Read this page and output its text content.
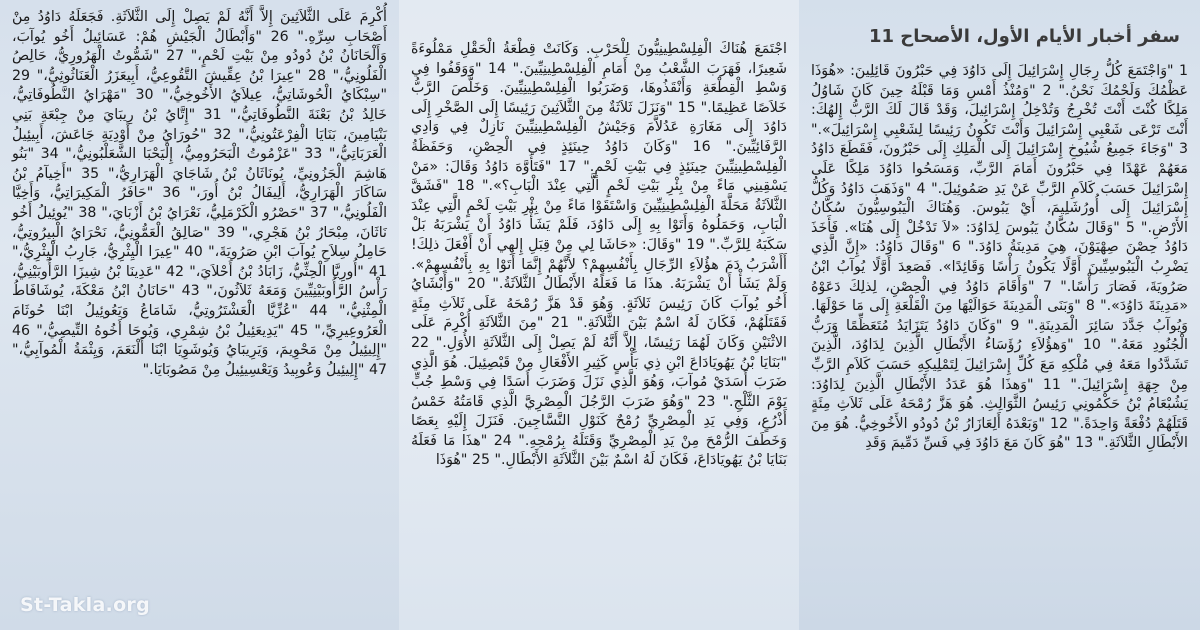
أُكْرِمَ عَلَى الثَّلاَثِينَ إِلاَّ أَنَّهُ لَمْ يَصِلْ إِلَى الثَّلاَثَةِ. فَجَعَلَهُ دَاوُدُ مِنْ أَصْحَابِ سِرِّهِ." 26 "وَأَبْطَالُ الْجَيْشِ هُمْ: عَسَائِيلُ أَخُو يُوآبَ، وَأَلْحَانَانُ بْنُ دُودُو مِنْ بَيْتِ لَحْمٍ،" 27 "شَمُّوتُ الْهَرُورِيُّ، حَالِصُ الْفَلُونِيُّ،" 28 "عِيرَا بْنُ عِقِّيشَ التَّقُوعِيُّ، أَبِيعَزَرُ الْعَنَاثُوثِيُّ،" 29 "سِبْكَايُ الْحُوشَاتِيُّ، عِيلاَيُ الأَخُوخِيُّ،" 30 "مَهْرَايُ النَّطُوفَاتِيُّ، خَالِدُ بْنُ بَعْنَةَ النَّطُوفَاتِيُّ،" 31 "إِتَّايُ بْنُ رِيبَايَ مِنْ جِبْعَةِ بَنِي بَنْيَامِينَ، بَنَايَا الْفِرْعَتُونِيُّ،" 32 "حُورَايُ مِنْ أَوْدِيَةِ جَاعَشَ، أَبِيئِيلُ الْعَرَبَاتِيُّ،" 33 "عَزْمُوتُ الْبَحَرُومِيُّ، إِلْيَحْبَا الشَّعَلْبُونِيُّ،" 34 "بَنُو هَاشِمَ الْجَزُونِيِّ، يُونَاثَانُ بْنُ شَاجَايَ الْهَرَارِيُّ،" 35 "أَخِيآمُ بْنُ سَاكَارَ الْهَرَارِيُّ، أَلِيفَالُ بْنُ أُورَ،" 36 "حَافَرُ الْمَكِيرَاتِيُّ، وَأَخِيَّا الْفَلُونِيُّ،" 37 "حَصْرُو الْكَرْمَلِيُّ، نَعْرَايُ بْنُ أَزْبَايَ،" 38 "يُوئِيلُ أَخُو نَاثَانَ، مِبْحَارُ بْنُ هَجْرِي،" 39 "صَالِقُ الْعَمُّونِيُّ، نَحْرَايُ الْبِيرُوتِيُّ، حَامِلُ سِلاَحِ يُوآبَ ابْنِ صَرُويَةَ،" 40 "عِيرَا الْيِثْرِيُّ، جَارِبُ الْيِثْرِيُّ،" 41 "أُورِيَّا الْحِثِّيُّ، زَابَادُ بْنُ أَحْلاَيَ،" 42 "عَدِينَا بْنُ شِيزَا الرَّأُوبَيْنِيُّ، رَأْسُ الرَّأُوبَيْنِيِّينَ وَمَعَهُ ثَلاَثُونَ،" 43 "حَانَانُ ابْنُ مَعْكَةَ، يُوشَافَاطُ الْمِثْنِيُّ،" 44 "عُزِّيَّا الْعَشْتَرُوتِيُّ، شَامَاعُ وَيَعُوئِيلُ ابْنَا حُوثَامَ الْعَرُوعِيرِيِّ،" 45 "يَدِيعَئِيلُ بْنُ شِمْرِي، وَيُوحَا أَخُوهُ التِّيصِيُّ،" 46 "إِلِيئِيلُ مِنْ مَحْوِيمَ، وَيَرِيبَايُ وَيُوشَوِيَا ابْنَا أَلْنَعَمَ، وَيِثْمَةُ الْمُوآبِيُّ،" 47 "إِلِيئِيلُ وَعُوبِيدُ وَيَعْسِيئِيلُ مِنْ مَصُوبَايَا."

اجْتَمَعَ هُنَاكَ الْفِلِسْطِينِيُّونَ لِلْحَرْبِ. وَكَانَتْ قِطْعَةُ الْحَقْلِ مَمْلُوءَةً شَعِيرًا، فَهَرَبَ الشَّعْبُ مِنْ أَمَامِ الْفِلِسْطِينِيِّينَ." 14 "وَوَقَفُوا فِي وَسْطِ الْقِطْعَةِ وَأَنْقَذُوهَا، وَضَرَبُوا الْفِلِسْطِينِيِّينَ. وَخَلَّصَ الرَّبُّ خَلاَصًا عَظِيمًا." 15 "وَنَزَلَ ثَلاَثَةٌ مِنَ الثَّلاَثِينَ رَئِيسًا إِلَى الصَّخْرِ إِلَى دَاوُدَ إِلَى مَغَارَةِ عَدُلاَّمَ وَجَيْشُ الْفِلِسْطِينِيِّينَ نَازِلٌ فِي وَادِي الرَّفَائِيِّينَ." 16 "وَكَانَ دَاوُدُ حِينَئِذٍ فِي الْحِصْنِ، وَحَفَظَةُ الْفِلِسْطِينِيِّينَ حِينَئِذٍ فِي بَيْتِ لَحْمٍ." 17 "فَتَأَوَّهَ دَاوُدُ وَقَالَ: «مَنْ يَسْقِينِي مَاءً مِنْ بِئْرِ بَيْتِ لَحْمٍ الَّتِي عِنْدَ الْبَابِ؟»." 18 "فَشَقَّ الثَّلاَثَةُ مَحَلَّةَ الْفِلِسْطِينِيِّينَ وَاسْتَقَوْا مَاءً مِنْ بِئْرِ بَيْتِ لَحْمٍ الَّتِي عِنْدَ الْبَابِ، وَحَمَلُوهُ وَأَتَوْا بِهِ إِلَى دَاوُدَ، فَلَمْ يَشَأْ دَاوُدُ أَنْ يَشْرَبَهُ بَلْ سَكَبَهُ لِلرَّبِّ." 19 "وَقَالَ: «حَاشَا لِي مِنْ قِبَلِ إِلهِي أَنْ أَفْعَلَ ذلِكَ! أَأَشْرَبُ دَمَ هؤُلاَءِ الرِّجَالِ بِأَنْفُسِهِمْ؟ لأَنَّهُمْ إِنَّمَا أَتَوْا بِهِ بِأَنْفُسِهِمْ». وَلَمْ يَشَأْ أَنْ يَشْرَبَهُ. هذَا مَا فَعَلَهُ الأَبْطَالُ الثَّلاَثَةُ." 20 "وَأَبْشَايُ أَخُو يُوآبَ كَانَ رَئِيسَ ثَلاَثَةٍ. وَهُوَ قَدْ هَزَّ رُمْحَهُ عَلَى ثَلاَثِ مِئَةٍ فَقَتَلَهُمْ، فَكَانَ لَهُ اسْمٌ بَيْنَ الثَّلاَثَةِ." 21 "مِنَ الثَّلاَثَةِ أُكْرِمَ عَلَى الاثْنَيْنِ وَكَانَ لَهُمَا رَئِيسًا، إِلاَّ أَنَّهُ لَمْ يَصِلْ إِلَى الثَّلاَثَةِ الأُوَلِ." 22 "بَنَايَا بْنُ يَهُويَادَاعَ ابْنِ ذِي بَأْسٍ كَثِيرِ الأَفْعَالِ مِنْ قَبْصِئِيلَ. هُوَ الَّذِي ضَرَبَ أَسَدَيْ مُوآبَ، وَهُوَ الَّذِي نَزَلَ وَضَرَبَ أَسَدًا فِي وَسْطِ جُبٍّ يَوْمَ الثَّلْجِ." 23 "وَهُوَ ضَرَبَ الرَّجُلَ الْمِصْرِيَّ الَّذِي قَامَتُهُ خَمْسُ أَذْرُعٍ، وَفِي يَدِ الْمِصْرِيِّ رُمْحٌ كَنَوْلِ النَّسَّاجِينَ. فَنَزَلَ إِلَيْهِ بِعَصًا وَخَطَفَ الرُّمْحَ مِنْ يَدِ الْمِصْرِيِّ وَقَتَلَهُ بِرُمْحِهِ." 24 "هذَا مَا فَعَلَهُ بَنَايَا بْنُ يَهُويَادَاعَ، فَكَانَ لَهُ اسْمٌ بَيْنَ الثَّلاَثَةِ الأَبْطَالِ." 25 "هُوَذَا

سفر أخبار الأيام الأول، الأصحاح 11

1 "وَاجْتَمَعَ كُلُّ رِجَالِ إِسْرَائِيلَ إِلَى دَاوُدَ فِي حَبْرُونَ قَائِلِينَ: «هُوَذَا عَظْمُكَ وَلَحْمُكَ نَحْنُ." 2 "وَمُنْذُ أَمْسِ وَمَا قَبْلَهُ حِينَ كَانَ شَاوُلُ مَلِكًا كُنْتَ أَنْتَ تُخْرِجُ وَتُدْخِلُ إِسْرَائِيلَ، وَقَدْ قَالَ لَكَ الرَّبُّ إِلهُكَ: أَنْتَ تَرْعَى شَعْبِي إِسْرَائِيلَ وَأَنْتَ تَكُونُ رَئِيسًا لِشَعْبِي إِسْرَائِيلَ»." 3 "وَجَاءَ جَمِيعُ شُيُوخِ إِسْرَائِيلَ إِلَى الْمَلِكِ إِلَى حَبْرُونَ، فَقَطَعَ دَاوُدُ مَعَهُمْ عَهْدًا فِي حَبْرُونَ أَمَامَ الرَّبِّ، وَمَسَحُوا دَاوُدَ مَلِكًا عَلَى إِسْرَائِيلَ حَسَبَ كَلاَمِ الرَّبِّ عَنْ يَدِ صَمُوئِيلَ." 4 "وَذَهَبَ دَاوُدُ وَكُلُّ إِسْرَائِيلَ إِلَى أُورُشَلِيمَ، أَيْ يَبُوسَ. وَهُنَاكَ الْيَبُوسِيُّونَ سُكَّانُ الأَرْضِ." 5 "وَقَالَ سُكَّانُ يَبُوسَ لِدَاوُدَ: «لاَ تَدْخُلْ إِلَى هُنَا». فَأَخَذَ دَاوُدُ حِصْنَ صِهْيَوْنَ، هِيَ مَدِينَةُ دَاوُدَ." 6 "وَقَالَ دَاوُدُ: «إِنَّ الَّذِي يَضْرِبُ الْيَبُوسِيِّينَ أَوَّلًا يَكُونُ رَأْسًا وَقَائِدًا». فَصَعِدَ أَوَّلًا يُوآبُ ابْنُ صَرُويَةَ، فَصَارَ رَأْسًا." 7 "وَأَقَامَ دَاوُدُ فِي الْحِصْنِ، لِذلِكَ دَعَوْهُ «مَدِينَةَ دَاوُدَ»." 8 "وَبَنَى الْمَدِينَةَ حَوَالَيْهَا مِنَ الْقَلْعَةِ إِلَى مَا حَوْلَهَا. وَيُوآبُ جَدَّدَ سَائِرَ الْمَدِينَةِ." 9 "وَكَانَ دَاوُدُ يَتَزَايَدُ مُتَعَظِّمًا وَرَبُّ الْجُنُودِ مَعَهُ." 10 "وَهؤُلاَءِ رُؤَسَاءُ الأَبْطَالِ الَّذِينَ لِدَاوُدَ، الَّذِينَ تَشَدَّدُوا مَعَهُ فِي مُلْكِهِ مَعَ كُلِّ إِسْرَائِيلَ لِتَمْلِيكِهِ حَسَبَ كَلاَمِ الرَّبِّ مِنْ جِهَةِ إِسْرَائِيلَ." 11 "وَهذَا هُوَ عَدَدُ الأَبْطَالِ الَّذِينَ لِدَاوُدَ: يَشُبْعَامُ بْنُ حَكْمُونِي رَئِيسُ الثَّوَالِثِ. هُوَ هَزَّ رُمْحَهُ عَلَى ثَلاَثِ مِئَةٍ قَتَلَهُمْ دُفْعَةً وَاحِدَةً." 12 "وَبَعْدَهُ أَلِعَازَارُ بْنُ دُودُو الأَخُوخِيُّ. هُوَ مِنَ الأَبْطَالِ الثَّلاَثَةِ." 13 "هُوَ كَانَ مَعَ دَاوُدَ فِي فَسِّ دَمِّيمَ وَقَدِ

St-Takla.org
